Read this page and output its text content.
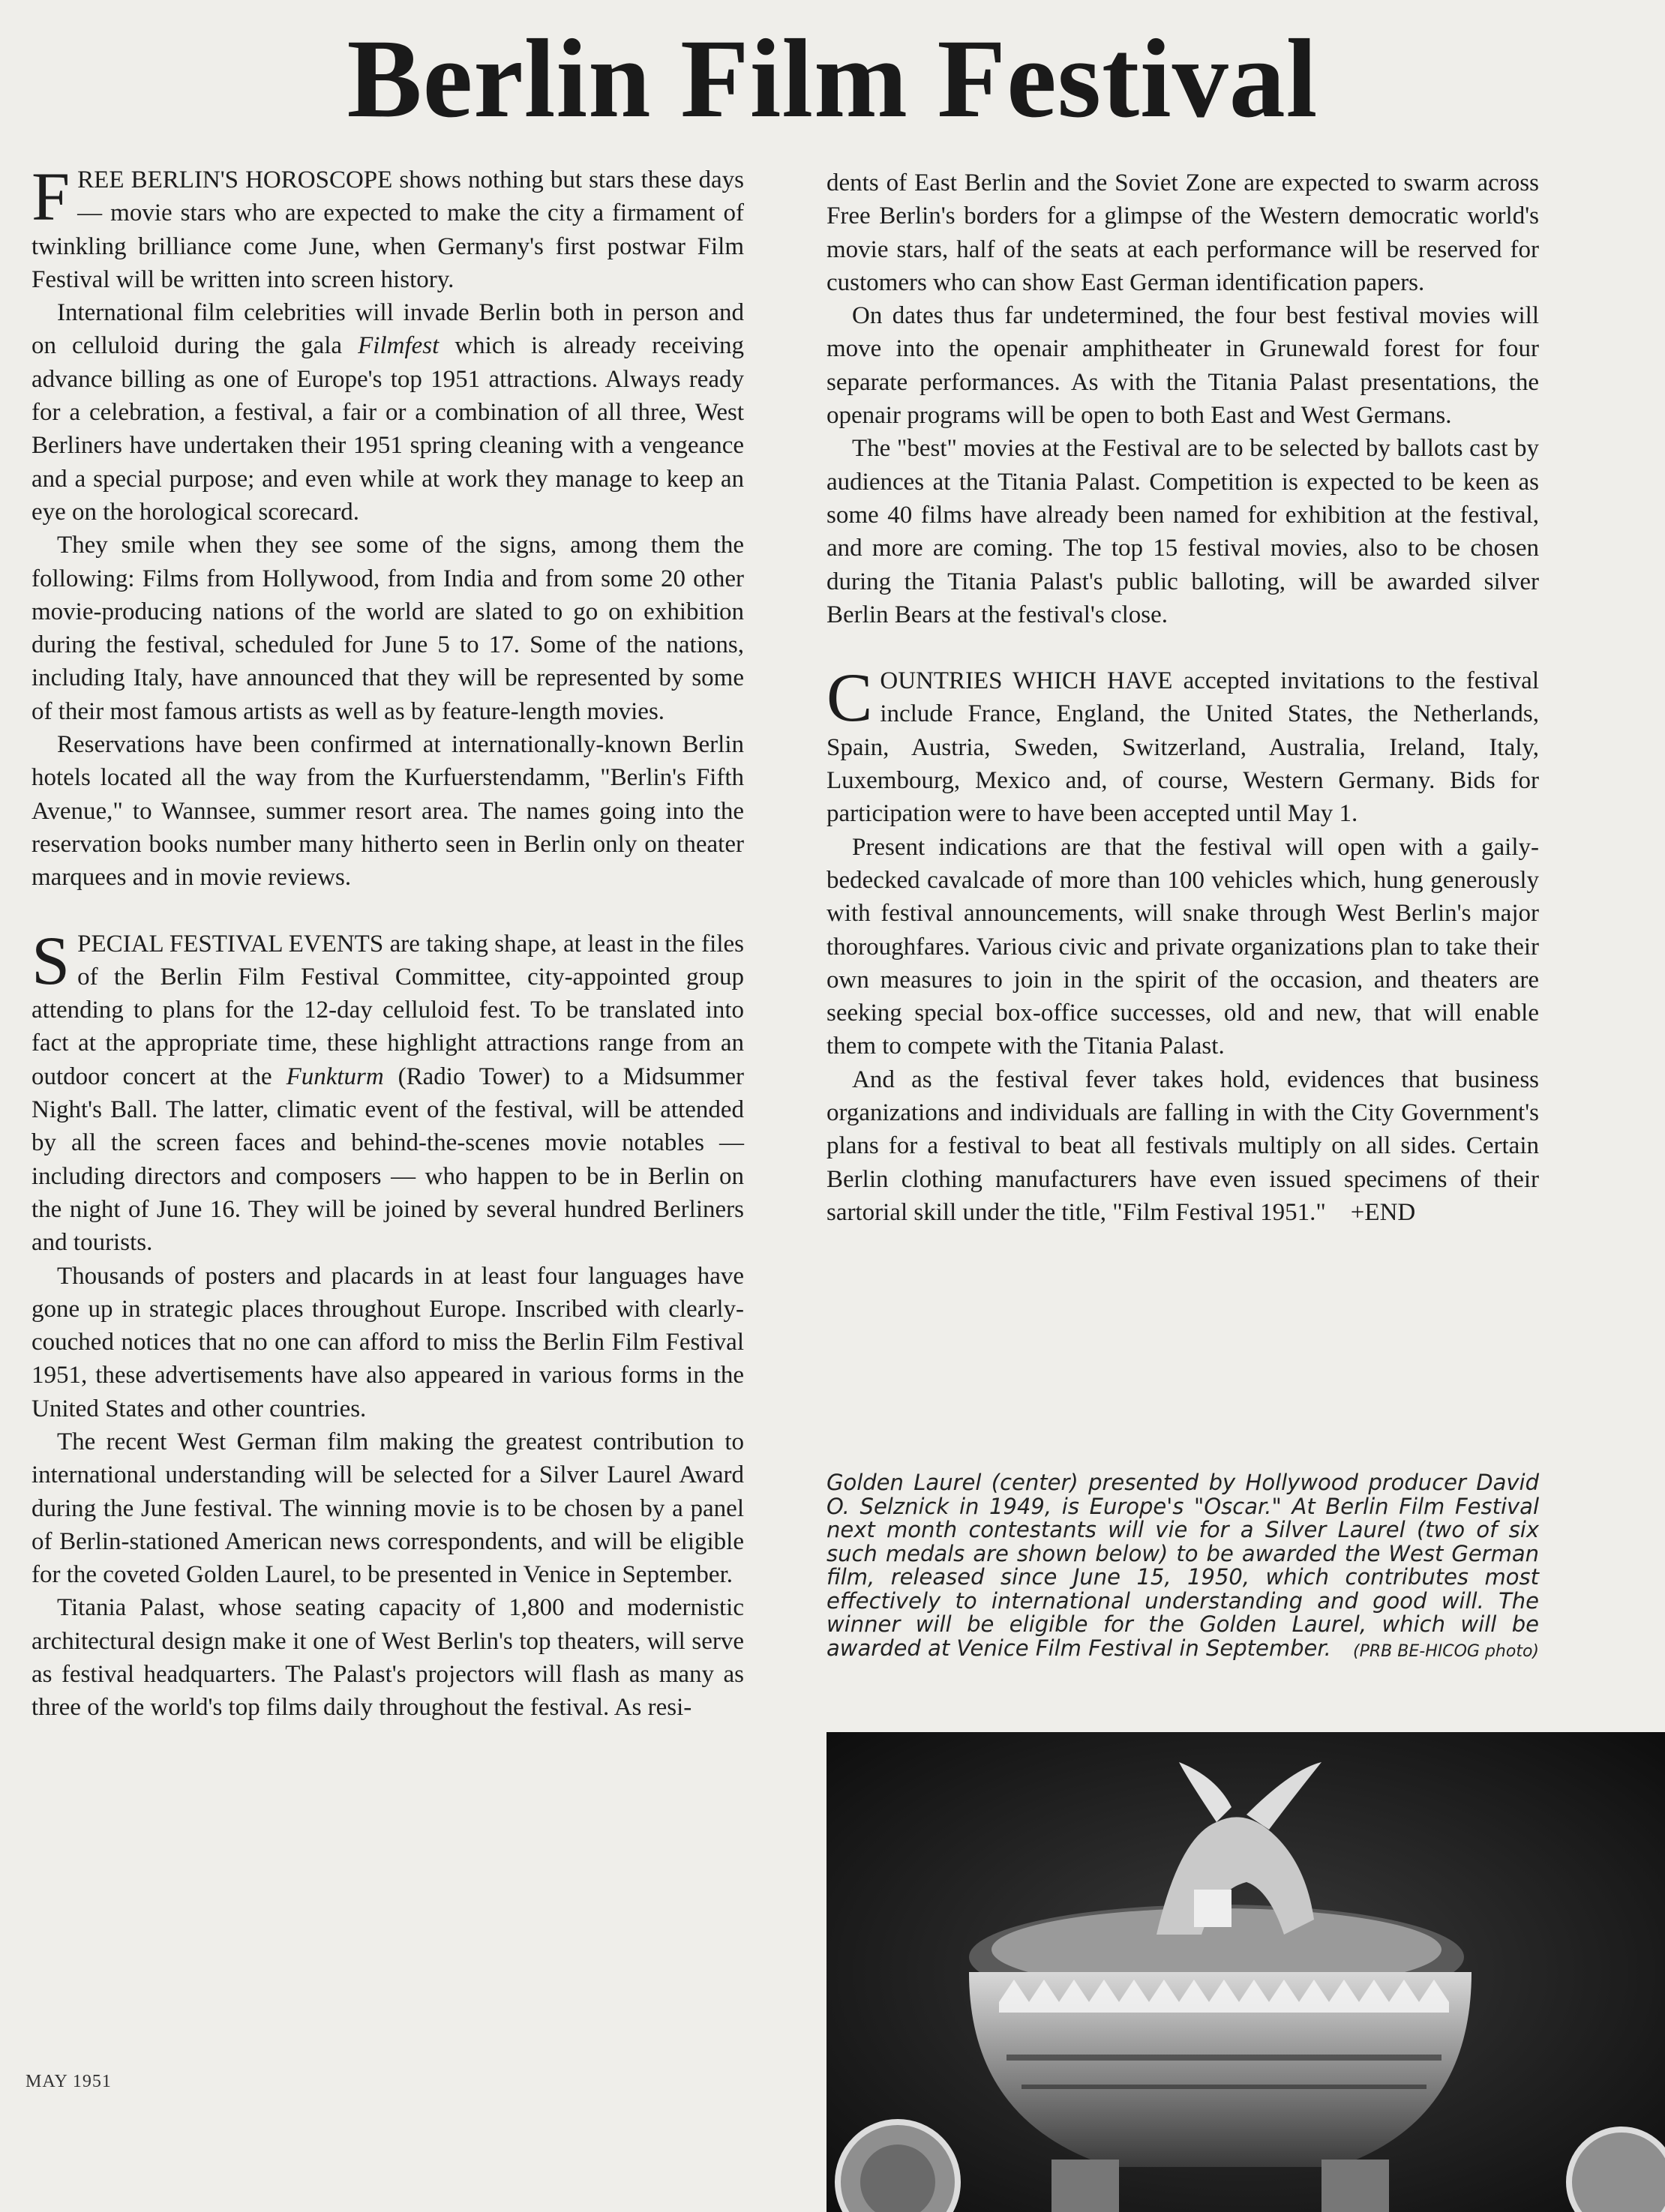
Berlin Film Festival

FREE BERLIN'S HOROSCOPE shows nothing but stars these days — movie stars who are expected to make the city a firmament of twinkling brilliance come June, when Germany's first postwar Film Festival will be written into screen history.

International film celebrities will invade Berlin both in person and on celluloid during the gala Filmfest which is already receiving advance billing as one of Europe's top 1951 attractions. Always ready for a celebration, a festival, a fair or a combination of all three, West Berliners have undertaken their 1951 spring cleaning with a vengeance and a special purpose; and even while at work they manage to keep an eye on the horological scorecard.

They smile when they see some of the signs, among them the following: Films from Hollywood, from India and from some 20 other movie-producing nations of the world are slated to go on exhibition during the festival, scheduled for June 5 to 17. Some of the nations, including Italy, have announced that they will be represented by some of their most famous artists as well as by feature-length movies.

Reservations have been confirmed at internationally-known Berlin hotels located all the way from the Kurfuerstendamm, "Berlin's Fifth Avenue," to Wannsee, summer resort area. The names going into the reservation books number many hitherto seen in Berlin only on theater marquees and in movie reviews.

SPECIAL FESTIVAL EVENTS are taking shape, at least in the files of the Berlin Film Festival Committee, city-appointed group attending to plans for the 12-day celluloid fest. To be translated into fact at the appropriate time, these highlight attractions range from an outdoor concert at the Funkturm (Radio Tower) to a Midsummer Night's Ball. The latter, climatic event of the festival, will be attended by all the screen faces and behind-the-scenes movie notables — including directors and composers — who happen to be in Berlin on the night of June 16. They will be joined by several hundred Berliners and tourists.

Thousands of posters and placards in at least four languages have gone up in strategic places throughout Europe. Inscribed with clearly-couched notices that no one can afford to miss the Berlin Film Festival 1951, these advertisements have also appeared in various forms in the United States and other countries.

The recent West German film making the greatest contribution to international understanding will be selected for a Silver Laurel Award during the June festival. The winning movie is to be chosen by a panel of Berlin-stationed American news correspondents, and will be eligible for the coveted Golden Laurel, to be presented in Venice in September.

Titania Palast, whose seating capacity of 1,800 and modernistic architectural design make it one of West Berlin's top theaters, will serve as festival headquarters. The Palast's projectors will flash as many as three of the world's top films daily throughout the festival. As resi-

dents of East Berlin and the Soviet Zone are expected to swarm across Free Berlin's borders for a glimpse of the Western democratic world's movie stars, half of the seats at each performance will be reserved for customers who can show East German identification papers.

On dates thus far undetermined, the four best festival movies will move into the openair amphitheater in Grunewald forest for four separate performances. As with the Titania Palast presentations, the openair programs will be open to both East and West Germans.

The "best" movies at the Festival are to be selected by ballots cast by audiences at the Titania Palast. Competition is expected to be keen as some 40 films have already been named for exhibition at the festival, and more are coming. The top 15 festival movies, also to be chosen during the Titania Palast's public balloting, will be awarded silver Berlin Bears at the festival's close.

COUNTRIES WHICH HAVE accepted invitations to the festival include France, England, the United States, the Netherlands, Spain, Austria, Sweden, Switzerland, Australia, Ireland, Italy, Luxembourg, Mexico and, of course, Western Germany. Bids for participation were to have been accepted until May 1.

Present indications are that the festival will open with a gaily-bedecked cavalcade of more than 100 vehicles which, hung generously with festival announcements, will snake through West Berlin's major thoroughfares. Various civic and private organizations plan to take their own measures to join in the spirit of the occasion, and theaters are seeking special box-office successes, old and new, that will enable them to compete with the Titania Palast.

And as the festival fever takes hold, evidences that business organizations and individuals are falling in with the City Government's plans for a festival to beat all festivals multiply on all sides. Certain Berlin clothing manufacturers have even issued specimens of their sartorial skill under the title, "Film Festival 1951." +END

Golden Laurel (center) presented by Hollywood producer David O. Selznick in 1949, is Europe's "Oscar." At Berlin Film Festival next month contestants will vie for a Silver Laurel (two of six such medals are shown below) to be awarded the West German film, released since June 15, 1950, which contributes most effectively to international understanding and good will. The winner will be eligible for the Golden Laurel, which will be awarded at Venice Film Festival in September. (PRB BE-HICOG photo)
MAY 1951
